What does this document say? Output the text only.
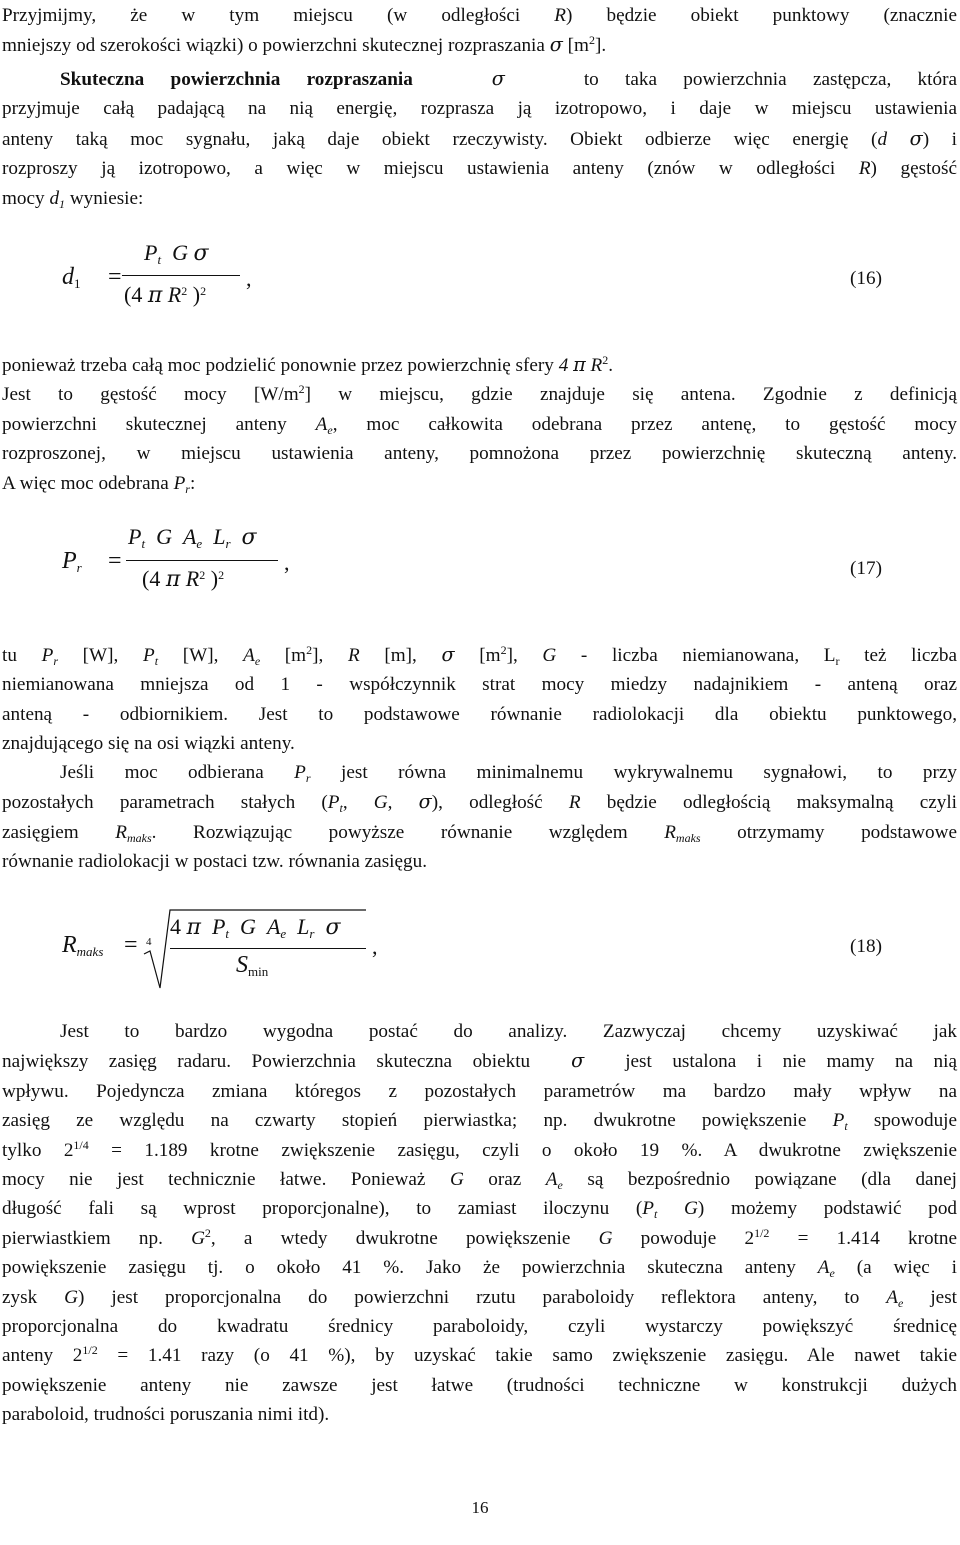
Przyjmijmy, że w tym miejscu (w odległości R) będzie obiekt punktowy (znacznie
mniejszy od szerokości wiązki) o powierzchni skutecznej rozpraszania σ $[m^2]$.
Skuteczna powierzchnia rozpraszania	σ	to taka powierzchnia zastępcza, która
przyjmuje całą padającą na nią energię, rozprasza ją izotropowo, i daje w miejscu ustawienia
anteny taką moc sygnału, jaką daje obiekt rzeczywisty. Obiekt odbierze więc energię (d σ) i
rozproszy ją izotropowo, a więc w miejscu ustawienia anteny (znów w odległości R) gęstość
mocy $d_1$ wyniesie:
$d_1$ =
$P_t$ G σ
(4 π $R^2$ )$^2$ ,	(16)
ponieważ trzeba całą moc podzielić ponownie przez powierzchnię sfery 4 π $R^2$.
Jest to gęstość mocy $[W/m^2]$ w miejscu, gdzie znajduje się antena. Zgodnie z definicją
powierzchni skutecznej anteny $A_e$, moc całkowita odebrana przez antenę, to gęstość mocy
rozproszonej, w miejscu ustawienia anteny, pomnożona przez powierzchnię skuteczną anteny.
A więc moc odebrana $P_r$:
$P_r$ =
$P_t$ G $A_e$ $L_r$ σ
(4 π $R^2$ )$^2$	,	(17)
tu $P_r$ [W], $P_t$ [W], $A_e$ $[m^2]$, R [m], σ $[m^2]$, G - liczba niemianowana, $L_r$ też liczba
niemianowana mniejsza od 1 - współczynnik strat mocy miedzy nadajnikiem - anteną oraz
anteną - odbiornikiem. Jest to podstawowe równanie radiolokacji dla obiektu punktowego,
znajdującego się na osi wiązki anteny.
Jeśli moc odbierana $P_r$ jest równa minimalnemu wykrywalnemu sygnałowi, to przy
pozostałych parametrach stałych ($P_t$, G, σ), odległość R będzie odległością maksymalną czyli
zasięgiem $R_{maks}$. Rozwiązując powyższe równanie względem $R_{maks}$ otrzymamy podstawowe
równanie radiolokacji w postaci tzw. równania zasięgu.
$R_{maks} = 4$
4 π $P_t$ G $A_e$ $L_r$ σ
$S_{min}$
,	(18)
Jest to bardzo wygodna postać do analizy. Zazwyczaj chcemy uzyskiwać jak
największy zasięg radaru. Powierzchnia skuteczna obiektu  σ  jest ustalona i nie mamy na nią
wpływu. Pojedyncza zmiana któregos z pozostałych parametrów ma bardzo mały wpływ na
zasięg ze względu na czwarty stopień pierwiastka; np. dwukrotne powiększenie $P_t$ spowoduje
tylko $2^{1/4} = 1.189$ krotne zwiększenie zasięgu, czyli o około 19 %. A dwukrotne zwiększenie
mocy nie jest technicznie łatwe. Ponieważ G oraz $A_e$ są bezpośrednio powiązane (dla danej
długość fali są wprost proporcjonalne), to zamiast iloczynu ($P_t$ G) możemy podstawić pod
pierwiastkiem np. $G^2$, a wtedy dwukrotne powiększenie G powoduje $2^{1/2} = 1.414$ krotne
powiększenie zasięgu tj. o około 41 %. Jako że powierzchnia skuteczna anteny $A_e$ (a więc i
zysk G) jest proporcjonalna do powierzchni rzutu paraboloidy reflektora anteny, to $A_e$ jest
proporcjonalna do kwadratu średnicy paraboloidy, czyli wystarczy powiększyć średnicę
anteny $2^{1/2} = 1.41$ razy (o 41 %), by uzyskać takie samo zwiększenie zasięgu. Ale nawet takie
powiększenie anteny nie zawsze jest łatwe (trudności techniczne w konstrukcji dużych
paraboloid, trudności poruszania nimi itd).
16
